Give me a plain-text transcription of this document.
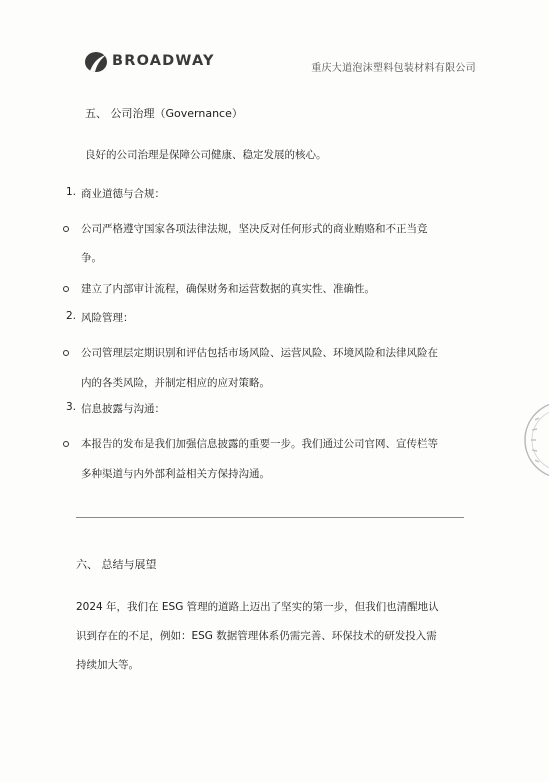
BROADWAY	重庆大道泡沫塑料包装材料有限公司
五、 公司治理（Governance）
良好的公司治理是保障公司健康、稳定发展的核心。
1. 商业道德与合规：
公司严格遵守国家各项法律法规，坚决反对任何形式的商业贿赂和不正当竞
争。
建立了内部审计流程，确保财务和运营数据的真实性、准确性。
2. 风险管理：
公司管理层定期识别和评估包括市场风险、运营风险、环境风险和法律风险在
内的各类风险，并制定相应的应对策略。
3. 信息披露与沟通：
本报告的发布是我们加强信息披露的重要一步。我们通过公司官网、宣传栏等
多种渠道与内外部利益相关方保持沟通。
六、 总结与展望
2024 年，我们在 ESG 管理的道路上迈出了坚实的第一步，但我们也清醒地认
识到存在的不足，例如：ESG 数据管理体系仍需完善、环保技术的研发投入需
持续加大等。
